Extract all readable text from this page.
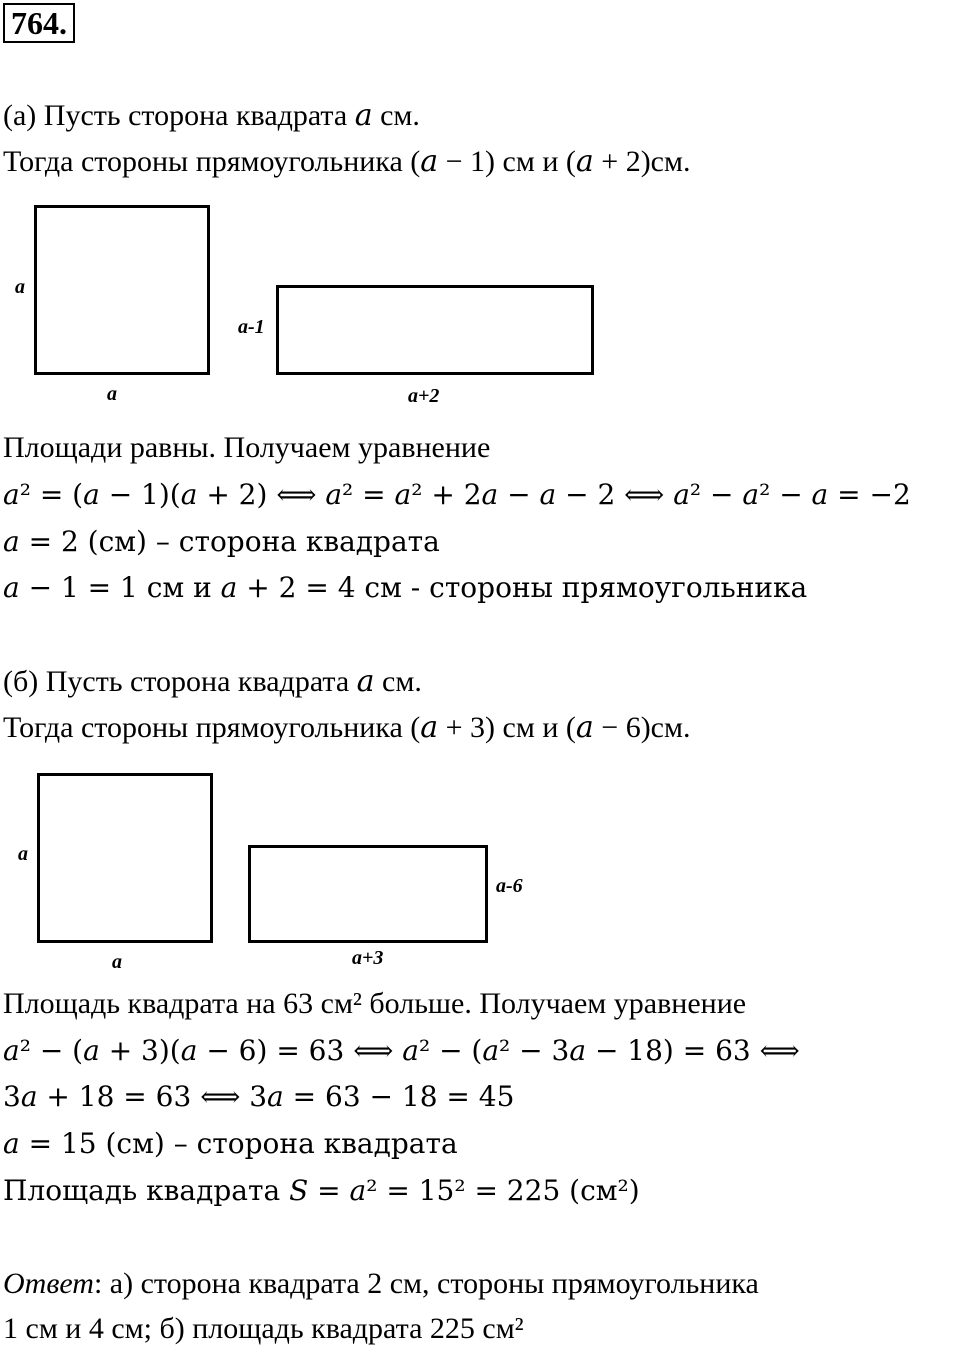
764.
(а) Пусть сторона квадрата 𝑎 см.
Тогда стороны прямоугольника (𝑎 − 1) см и (𝑎 + 2)см.
a
a
a-1
a+2
Площади равны. Получаем уравнение
𝑎² = (𝑎 − 1)(𝑎 + 2) ⟺ 𝑎² = 𝑎² + 2𝑎 − 𝑎 − 2 ⟺ 𝑎² − 𝑎² − 𝑎 = −2
𝑎 = 2 (см) – сторона квадрата
𝑎 − 1 = 1 см и 𝑎 + 2 = 4 см - стороны прямоугольника
(б) Пусть сторона квадрата 𝑎 см.
Тогда стороны прямоугольника (𝑎 + 3) см и (𝑎 − 6)см.
a
a
a-6
a+3
Площадь квадрата на 63 см² больше. Получаем уравнение
𝑎² − (𝑎 + 3)(𝑎 − 6) = 63 ⟺ 𝑎² − (𝑎² − 3𝑎 − 18) = 63 ⟺
3𝑎 + 18 = 63 ⟺ 3𝑎 = 63 − 18 = 45
𝑎 = 15 (см) – сторона квадрата
Площадь квадрата 𝑆 = 𝑎² = 15² = 225 (см²)
Ответ: а) сторона квадрата 2 см, стороны прямоугольника
1 см и 4 см; б) площадь квадрата 225 см²
